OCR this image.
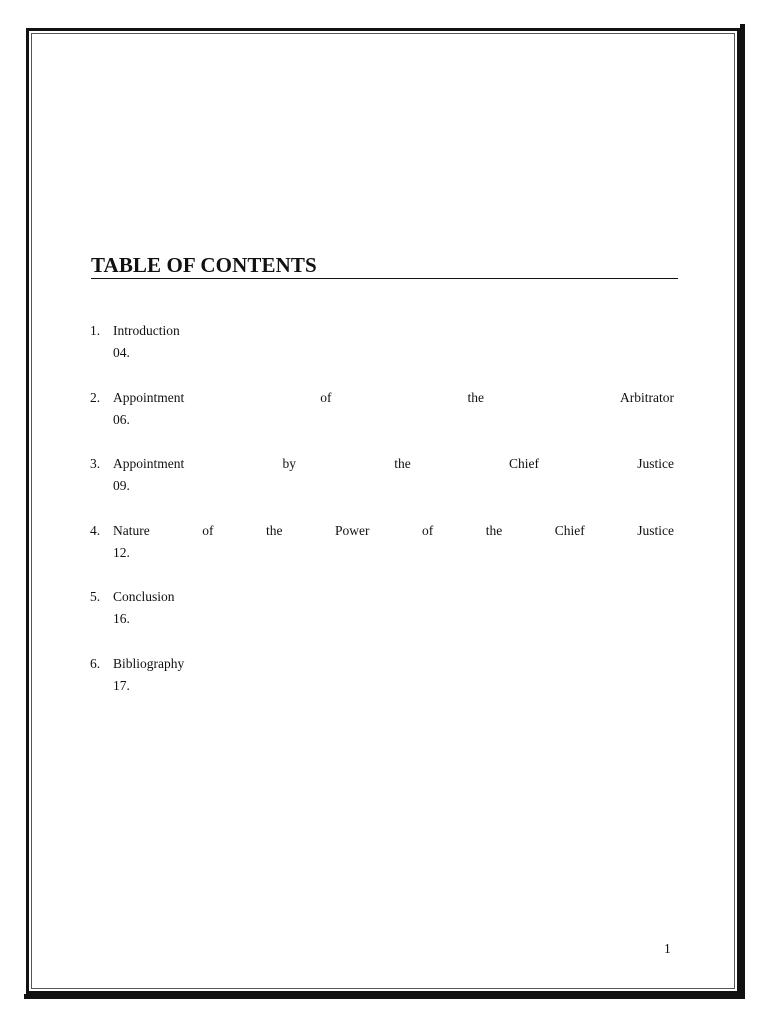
TABLE OF CONTENTS
1. Introduction
04.
2. Appointment	of	the	Arbitrator
06.
3. Appointment	by	the	Chief	Justice
09.
4. Nature	of	the	Power	of	the	Chief	Justice
12.
5. Conclusion
16.
6. Bibliography
17.
1
